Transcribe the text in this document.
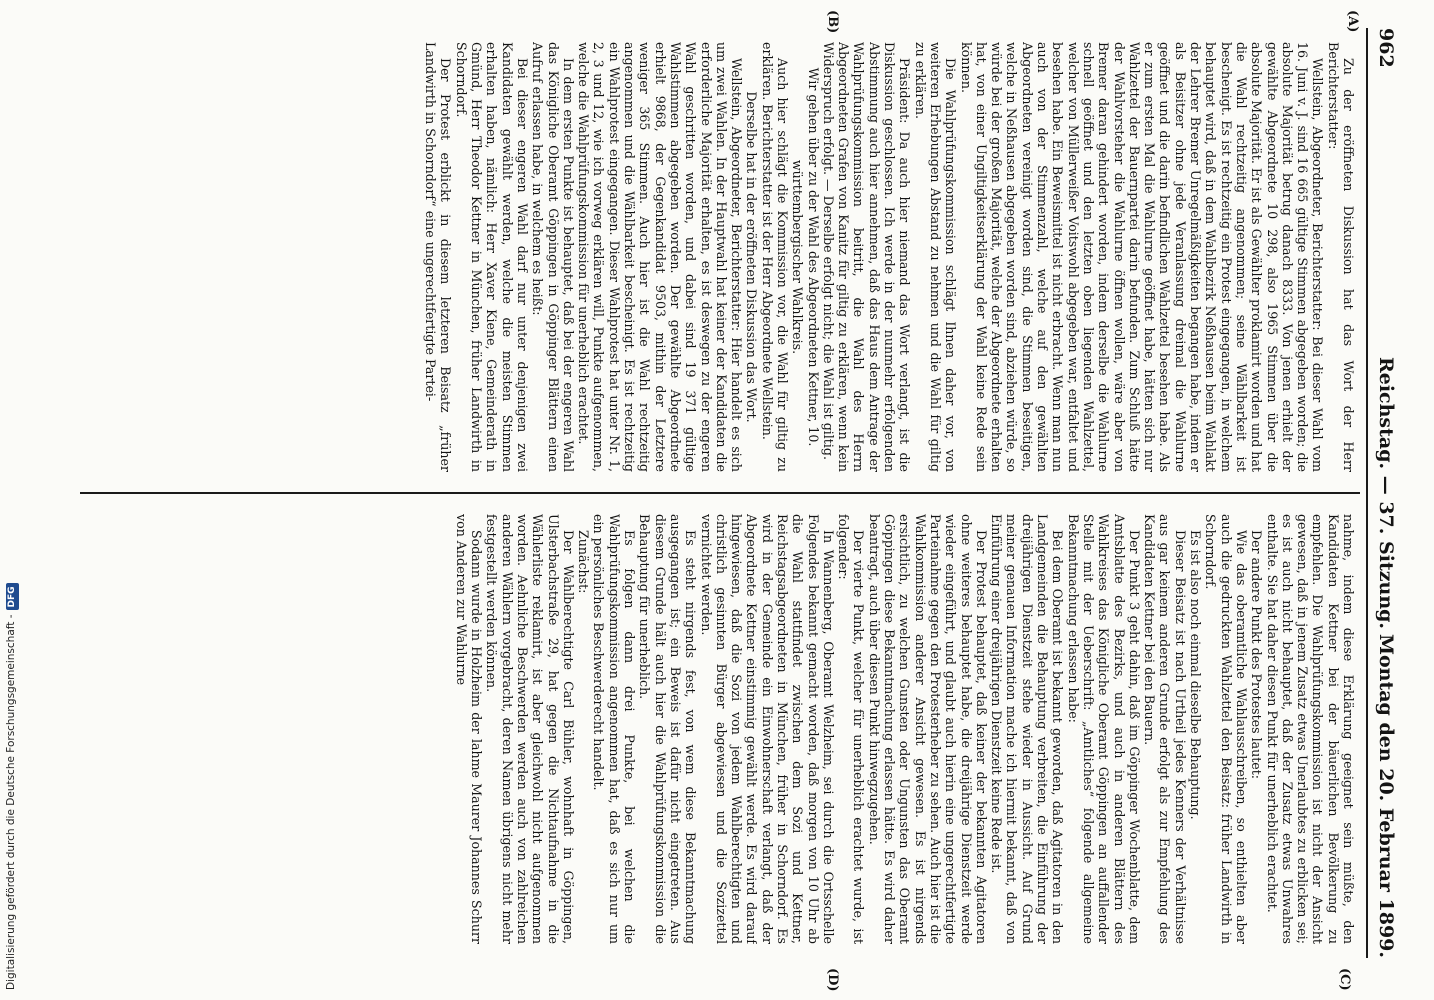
962
Reichstag. — 37. Sitzung.
Montag den 20. Februar 1899.
(A)
(B)
(C)
(D)

Zu der eröffneten Diskussion hat das Wort der Herr Berichterstatter:

Wellstein, Abgeordneter, Berichterstatter: Bei dieser Wahl vom 16. Juni v. J. sind 16 665 gültige Stimmen abgegeben worden; die absolute Majorität betrug danach 8333. Von jenen erhielt der gewählte Abgeordnete 10 298, also 1965 Stimmen über die absolute Majorität. Er ist als Gewählter proklamirt worden und hat die Wahl rechtzeitig angenommen; seine Wählbarkeit ist beschenigt. Es ist rechtzeitig ein Protest eingegangen, in welchem behauptet wird, daß in dem Wahlbezirk Neßhausen beim Wahlakt der Lehrer Bremer Unregelmäßigkeiten begangen habe, indem er als Beisitzer ohne jede Veranlassung dreimal die Wahlurne geöffnet und die darin befindlichen Wahlzettel besehen habe. Als er zum ersten Mal die Wahlurne geöffnet habe, hätten sich nur Wahlzettel der Bauernpartei darin befunden. Zum Schluß hätte der Wahlvorsteher die Wahlurne öffnen wollen, wäre aber von Bremer daran gehindert worden, indem derselbe die Wahlurne schnell geöffnet und den letzten oben liegenden Wahlzettel, welcher von Müllerweißer Voitswohl abgegeben war, entfaltet und besehen habe. Ein Beweismittel ist nicht erbracht. Wenn man nun auch von der Stimmenzahl, welche auf den gewählten Abgeordneten vereinigt worden sind, die Stimmen beseitigen, welche in Neßhausen abgegeben worden sind, abziehen würde, so würde bei der großen Majorität, welche der Abgeordnete erhalten hat, von einer Ungiltigkeitserklärung der Wahl keine Rede sein können.

Die Wahlprüfungskommission schlägt Ihnen daher vor, von weiteren Erhebungen Abstand zu nehmen und die Wahl für giltig zu erklären.

Präsident: Da auch hier niemand das Wort verlangt, ist die Diskussion geschlossen. Ich werde in der nunmehr erfolgenden Abstimmung auch hier annehmen, daß das Haus dem Antrage der Wahlprüfungskommission beitritt, die Wahl des Herrn Abgeordneten Grafen von Kanitz für giltig zu erklären, wenn kein Widerspruch erfolgt. — Derselbe erfolgt nicht; die Wahl ist giltig.

Wir gehen über zu der Wahl des Abgeordneten Kettner, 10. württembergischer Wahlkreis.

Auch hier schlägt die Kommission vor, die Wahl für giltig zu erklären. Berichterstatter ist der Herr Abgeordnete Wellstein.

Derselbe hat in der eröffneten Diskussion das Wort.

Wellstein, Abgeordneter, Berichterstatter: Hier handelt es sich um zwei Wahlen. In der Hauptwahl hat keiner der Kandidaten die erforderliche Majorität erhalten, es ist deswegen zu der engeren Wahl geschritten worden, und dabei sind 19 371 gültige Wahlstimmen abgegeben worden. Der gewählte Abgeordnete erhielt 9868, der Gegenkandidat 9503, mithin der Letztere weniger 365 Stimmen. Auch hier ist die Wahl rechtzeitig angenommen und die Wählbarkeit bescheinigt. Es ist rechtzeitig ein Wahlprotest eingegangen. Dieser Wahlprotest hat unter Nr. 1, 2, 3 und 12, wie ich vorweg erklären will, Punkte aufgenommen, welche die Wahlprüfungskommission für unerheblich erachtet.

In dem ersten Punkte ist behauptet, daß bei der engeren Wahl das Königliche Oberamt Göppingen in Göppinger Blättern einen Aufruf erlassen habe, in welchem es heißt:

Bei dieser engeren Wahl darf nur unter denjenigen zwei Kandidaten gewählt werden, welche die meisten Stimmen erhalten haben, nämlich: Herr Xaver Kiene, Gemeinderath in Gmünd, Herr Theodor Kettner in München, früher Landwirth in Schorndorf.

Der Protest erblickt in diesem letzteren Beisatz „früher Landwirth in Schorndorf“ eine ungerechtfertigte Partei-

nahme, indem diese Erklärung geeignet sein müßte, den Kandidaten Kettner bei der bäuerlichen Bevölkerung zu empfehlen. Die Wahlprüfungskommission ist nicht der Ansicht gewesen, daß in jenem Zusatz etwas Unerlaubtes zu erblicken sei; es ist auch nicht behauptet, daß der Zusatz etwas Unwahres enthalte. Sie hat daher diesen Punkt für unerheblich erachtet.

Der andere Punkt des Protestes lautet:

Wie das oberamtliche Wahlausschreiben, so enthielten aber auch die gedruckten Wahlzettel den Beisatz: früher Landwirth in Schorndorf.

Es ist also noch einmal dieselbe Behauptung.

Dieser Beisatz ist nach Urtheil jedes Kenners der Verhältnisse aus gar keinem anderen Grunde erfolgt als zur Empfehlung des Kandidaten Kettner bei den Bauern.

Der Punkt 3 geht dahin, daß im Göppinger Wochenblatte, dem Amtsblatte des Bezirks, und auch in anderen Blättern des Wahlkreises das Königliche Oberamt Göppingen an auffallender Stelle mit der Ueberschrift: „Amtliches“ folgende allgemeine Bekanntmachung erlassen habe:

Bei dem Oberamt ist bekannt geworden, daß Agitatoren in den Landgemeinden die Behauptung verbreiten, die Einführung der dreijährigen Dienstzeit stehe wieder in Aussicht. Auf Grund meiner genauen Information mache ich hiermit bekannt, daß von Einführung einer dreijährigen Dienstzeit keine Rede ist.

Der Protest behauptet, daß keiner der bekannten Agitatoren ohne weiteres behauptet habe, die dreijährige Dienstzeit werde wieder eingeführt, und glaubt auch hierin eine ungerechtfertigte Parteinahme gegen den Protesterheber zu sehen. Auch hier ist die Wahlkommission anderer Ansicht gewesen. Es ist nirgends ersichtlich, zu welchen Gunsten oder Ungunsten das Oberamt Göppingen diese Bekanntmachung erlassen hätte. Es wird daher beantragt, auch über diesen Punkt hinwegzugehen.

Der vierte Punkt, welcher für unerheblich erachtet wurde, ist folgender:

In Wannenberg, Oberamt Welzheim, sei durch die Ortsschelle Folgendes bekannt gemacht worden, daß morgen von 10 Uhr ab die Wahl stattfindet zwischen dem Sozi und Kettner, Reichstagsabgeordneten in München, früher in Schorndorf. Es wird in der Gemeinde ein Einwohnerschaft verlangt, daß der Abgeordnete Kettner einstimmig gewählt werde. Es wird darauf hingewiesen, daß die Sozi von jedem Wahlberechtigten und christlich gesinnten Bürger abgewiesen und die Sozizettel vernichtet werden.

Es steht nirgends fest, von wem diese Bekanntmachung ausgegangen ist; ein Beweis ist dafür nicht eingetreten. Aus diesem Grunde hält auch hier die Wahlprüfungskommission die Behauptung für unerheblich.

Es folgen dann drei Punkte, bei welchen die Wahlprüfungskommission angenommen hat, daß es sich nur um ein persönliches Beschwerderecht handelt.

Zunächst:

Der Wahlberechtigte Carl Bühler, wohnhaft in Göppingen, Ulsterbachstraße 29, hat gegen die Nichtaufnahme in die Wählerliste reklamirt, ist aber gleichwohl nicht aufgenommen worden. Aehnliche Beschwerden werden auch von zahlreichen anderen Wählern vorgebracht, deren Namen übrigens nicht mehr festgestellt werden können.

Sodann wurde in Holzheim der lahme Maurer Johannes Schurr von Anderen zur Wahlurne

Digitalisierung gefördert durch die Deutsche Forschungsgemeinschaft -DFG
